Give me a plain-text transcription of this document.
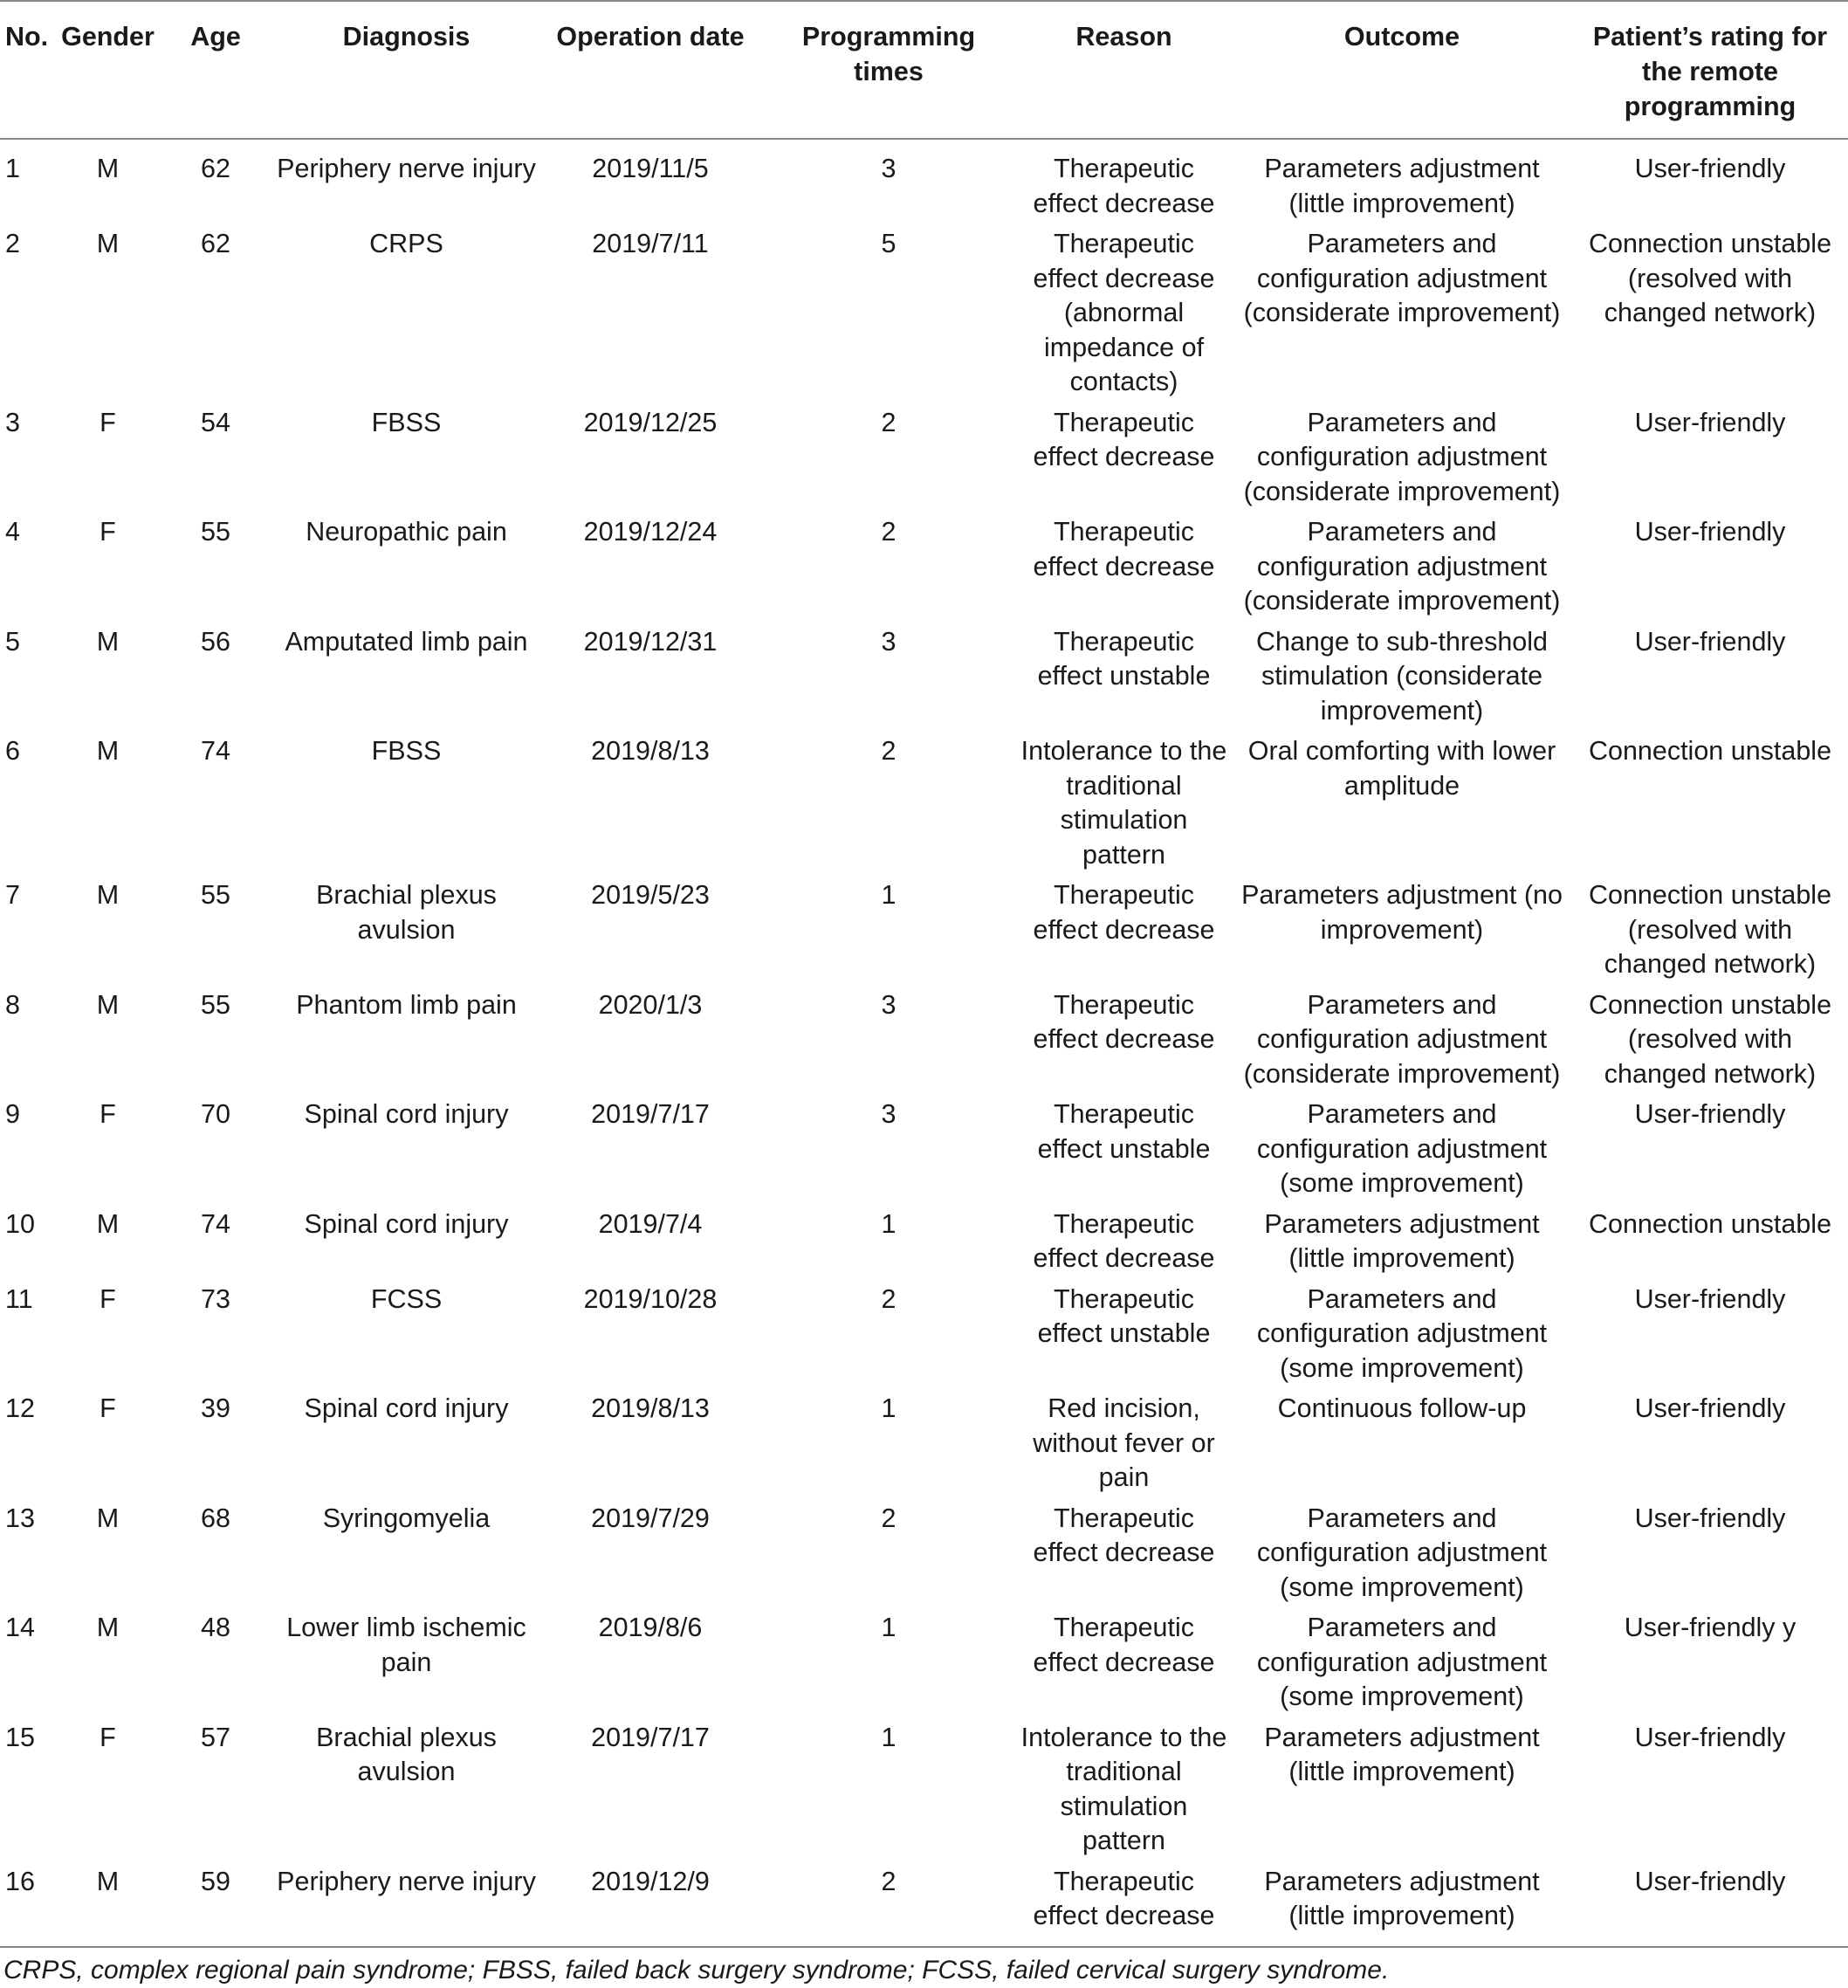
No.	Gender	Age	Diagnosis	Operation date	Programming times	Reason	Outcome	Patient’s rating for the remote programming
1	M	62	Periphery nerve injury	2019/11/5	3	Therapeutic effect decrease	Parameters adjustment (little improvement)	User-friendly
2	M	62	CRPS	2019/7/11	5	Therapeutic effect decrease (abnormal impedance of contacts)	Parameters and configuration adjustment (considerate improvement)	Connection unstable (resolved with changed network)
3	F	54	FBSS	2019/12/25	2	Therapeutic effect decrease	Parameters and configuration adjustment (considerate improvement)	User-friendly
4	F	55	Neuropathic pain	2019/12/24	2	Therapeutic effect decrease	Parameters and configuration adjustment (considerate improvement)	User-friendly
5	M	56	Amputated limb pain	2019/12/31	3	Therapeutic effect unstable	Change to sub-threshold stimulation (considerate improvement)	User-friendly
6	M	74	FBSS	2019/8/13	2	Intolerance to the traditional stimulation pattern	Oral comforting with lower amplitude	Connection unstable
7	M	55	Brachial plexus avulsion	2019/5/23	1	Therapeutic effect decrease	Parameters adjustment (no improvement)	Connection unstable (resolved with changed network)
8	M	55	Phantom limb pain	2020/1/3	3	Therapeutic effect decrease	Parameters and configuration adjustment (considerate improvement)	Connection unstable (resolved with changed network)
9	F	70	Spinal cord injury	2019/7/17	3	Therapeutic effect unstable	Parameters and configuration adjustment (some improvement)	User-friendly
10	M	74	Spinal cord injury	2019/7/4	1	Therapeutic effect decrease	Parameters adjustment (little improvement)	Connection unstable
11	F	73	FCSS	2019/10/28	2	Therapeutic effect unstable	Parameters and configuration adjustment (some improvement)	User-friendly
12	F	39	Spinal cord injury	2019/8/13	1	Red incision, without fever or pain	Continuous follow-up	User-friendly
13	M	68	Syringomyelia	2019/7/29	2	Therapeutic effect decrease	Parameters and configuration adjustment (some improvement)	User-friendly
14	M	48	Lower limb ischemic pain	2019/8/6	1	Therapeutic effect decrease	Parameters and configuration adjustment (some improvement)	User-friendly y
15	F	57	Brachial plexus avulsion	2019/7/17	1	Intolerance to the traditional stimulation pattern	Parameters adjustment (little improvement)	User-friendly
16	M	59	Periphery nerve injury	2019/12/9	2	Therapeutic effect decrease	Parameters adjustment (little improvement)	User-friendly
CRPS, complex regional pain syndrome; FBSS, failed back surgery syndrome; FCSS, failed cervical surgery syndrome.
